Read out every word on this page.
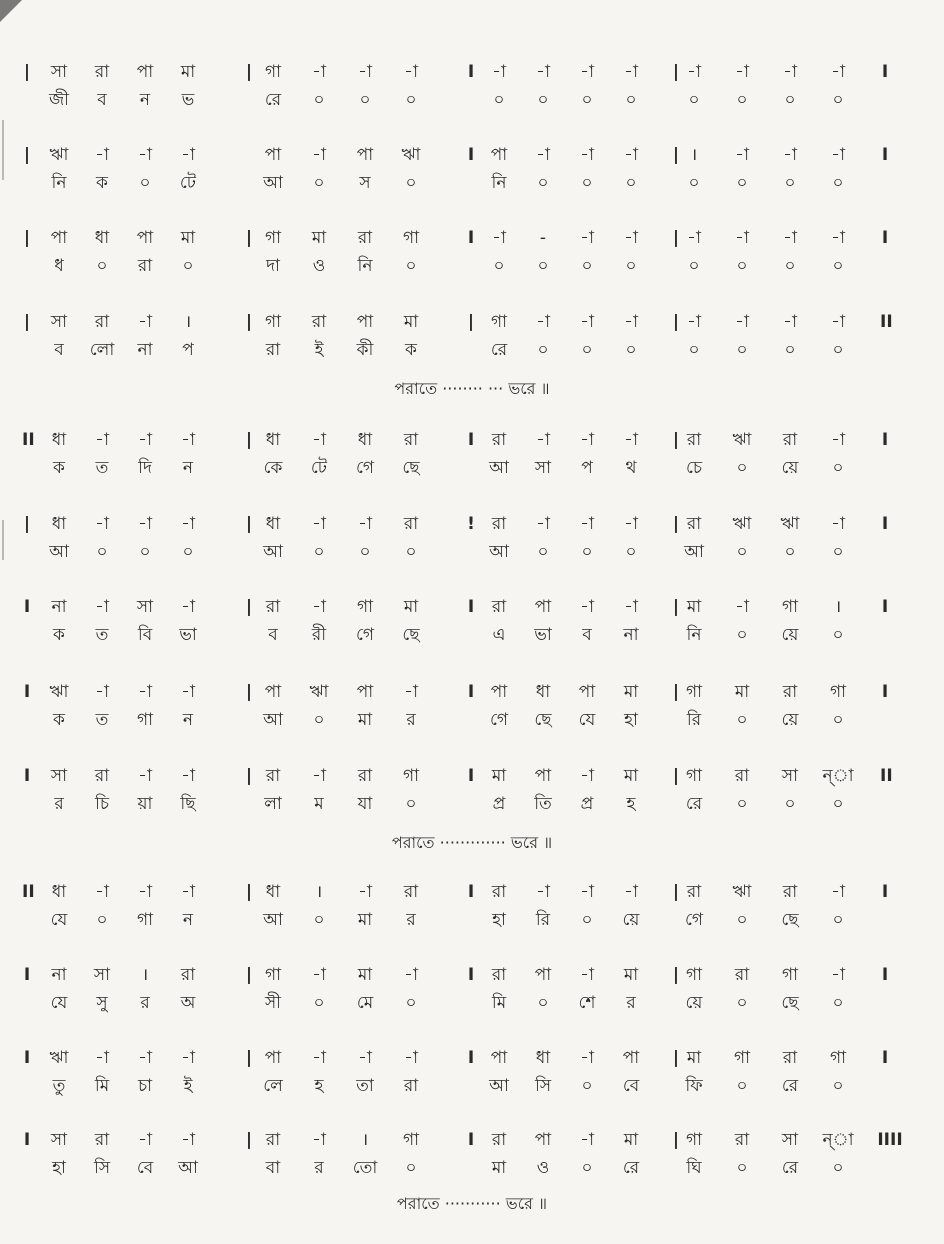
সা	রা	পা	মা	গা	-া	-া	-া	-া	-া	-া	-া	-া	-া	-া	-া
|	|	I	|	I
জী	ব	ন	ভ	রে	০	০	০	০	০	০	০	০	০	০	০
ঋা	-া	-া	-া	পা	-া	পা	ঋা	পা	-া	-া	-া	।	-া	-া	-া
|	I	|	I
নি	ক	০	টে	আ	০	স	০	নি	০	০	০	০	০	০	০
পা	ধা	পা	মা	গা	মা	রা	গা	-া	-	-া	-া	-া	-া	-া	-া
|	|	I	|	I
ধ	০	রা	০	দা	ও	নি	০	০	০	০	০	০	০	০	০
সা	রা	-া	।	গা	রা	পা	মা	গা	-া	-া	-া	-া	-া	-া	-া
|	|	|	|	II
ব	লো	না	প	রা	ই	কী	ক	রে	০	০	০	০	০	০	০
ধা	-া	-া	-া	ধা	-া	ধা	রা	রা	-া	-া	-া	রা	ঋা	রা	-া
II	|	I	|	I
ক	ত	দি	ন	কে	টে	গে	ছে	আ	সা	প	থ	চে	০	য়ে	০
ধা	-া	-া	-া	ধা	-া	-া	রা	রা	-া	-া	-া	রা	ঋা	ঋা	-া
|	|	!	|	I
আ	০	০	০	আ	০	০	০	আ	০	০	০	আ	০	০	০
না	-া	সা	-া	রা	-া	গা	মা	রা	পা	-া	-া	মা	-া	গা	।
I	|	I	|	I
ক	ত	বি	ভা	ব	রী	গে	ছে	এ	ভা	ব	না	নি	০	য়ে	০
ঋা	-া	-া	-া	পা	ঋা	পা	-া	পা	ধা	পা	মা	গা	মা	রা	গা
I	|	I	|	I
ক	ত	গা	ন	আ	০	মা	র	গে	ছে	যে	হা	রি	০	য়ে	০
সা	রা	-া	-া	রা	-া	রা	গা	মা	পা	-া	মা	গা	রা	সা	ন্া
I	|	I	|	II
র	চি	য়া	ছি	লা	ম	যা	০	প্র	তি	প্র	হ	রে	০	০	০
ধা	-া	-া	-া	ধা	।	-া	রা	রা	-া	-া	-া	রা	ঋা	রা	-া
II	|	I	|	I
যে	০	গা	ন	আ	০	মা	র	হা	রি	০	য়ে	গে	০	ছে	০
না	সা	।	রা	গা	-া	মা	-া	রা	পা	-া	মা	গা	রা	গা	-া
I	|	I	|	I
যে	সু	র	অ	সী	০	মে	০	মি	০	শে	র	য়ে	০	ছে	০
ঋা	-া	-া	-া	পা	-া	-া	-া	পা	ধা	-া	পা	মা	গা	রা	গা
I	|	I	|	I
তু	মি	চা	ই	লে	হ	তা	রা	আ	সি	০	বে	ফি	০	রে	০
সা	রা	-া	-া	রা	-া	।	গা	রা	পা	-া	মা	গা	রা	সা	ন্া
I	|	I	|	IIII
হা	সি	বে	আ	বা	র	তো	০	মা	ও	০	রে	ঘি	০	রে	০
পরাতে ········ ··· ভরে ॥
পরাতে ············· ভরে ॥
পরাতে ··········· ভরে ॥
